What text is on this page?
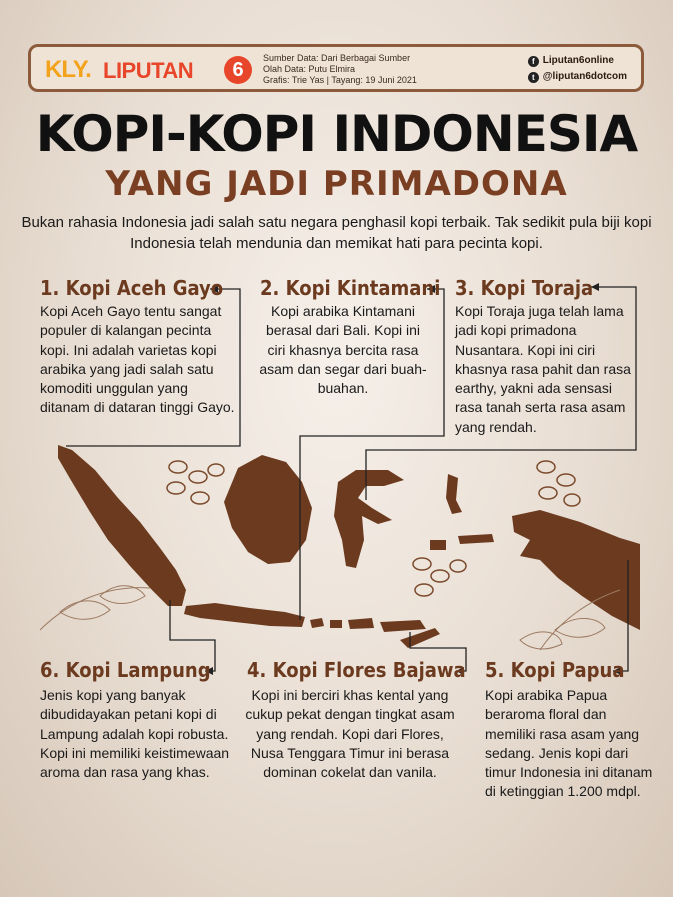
KLY. LIPUTAN	6
Sumber Data: Dari Berbagai Sumber
Olah Data: Putu Elmira
Grafis: Trie Yas | Tayang: 19 Juni 2021
f Liputan6online
t @liputan6dotcom
KOPI-KOPI INDONESIA
YANG JADI PRIMADONA
Bukan rahasia Indonesia jadi salah satu negara penghasil kopi terbaik. Tak sedikit pula biji kopi Indonesia telah mendunia dan memikat hati para pecinta kopi.
1. Kopi Aceh Gayo
Kopi Aceh Gayo tentu sangat populer di kalangan pecinta kopi. Ini adalah varietas kopi arabika yang jadi salah satu komoditi unggulan yang ditanam di dataran tinggi Gayo.
2. Kopi Kintamani
Kopi arabika Kintamani berasal dari Bali. Kopi ini ciri khasnya bercita rasa asam dan segar dari buah-buahan.
3. Kopi Toraja
Kopi Toraja juga telah lama jadi kopi primadona Nusantara. Kopi ini ciri khasnya rasa pahit dan rasa earthy, yakni ada sensasi rasa tanah serta rasa asam yang rendah.
6. Kopi Lampung
Jenis kopi yang banyak dibudidayakan petani kopi di Lampung adalah kopi robusta. Kopi ini memiliki keistimewaan aroma dan rasa yang khas.
4. Kopi Flores Bajawa
Kopi ini berciri khas kental yang cukup pekat dengan tingkat asam yang rendah. Kopi dari Flores, Nusa Tenggara Timur ini berasa dominan cokelat dan vanila.
5. Kopi Papua
Kopi arabika Papua beraroma floral dan memiliki rasa asam yang sedang. Jenis kopi dari timur Indonesia ini ditanam di ketinggian 1.200 mdpl.
